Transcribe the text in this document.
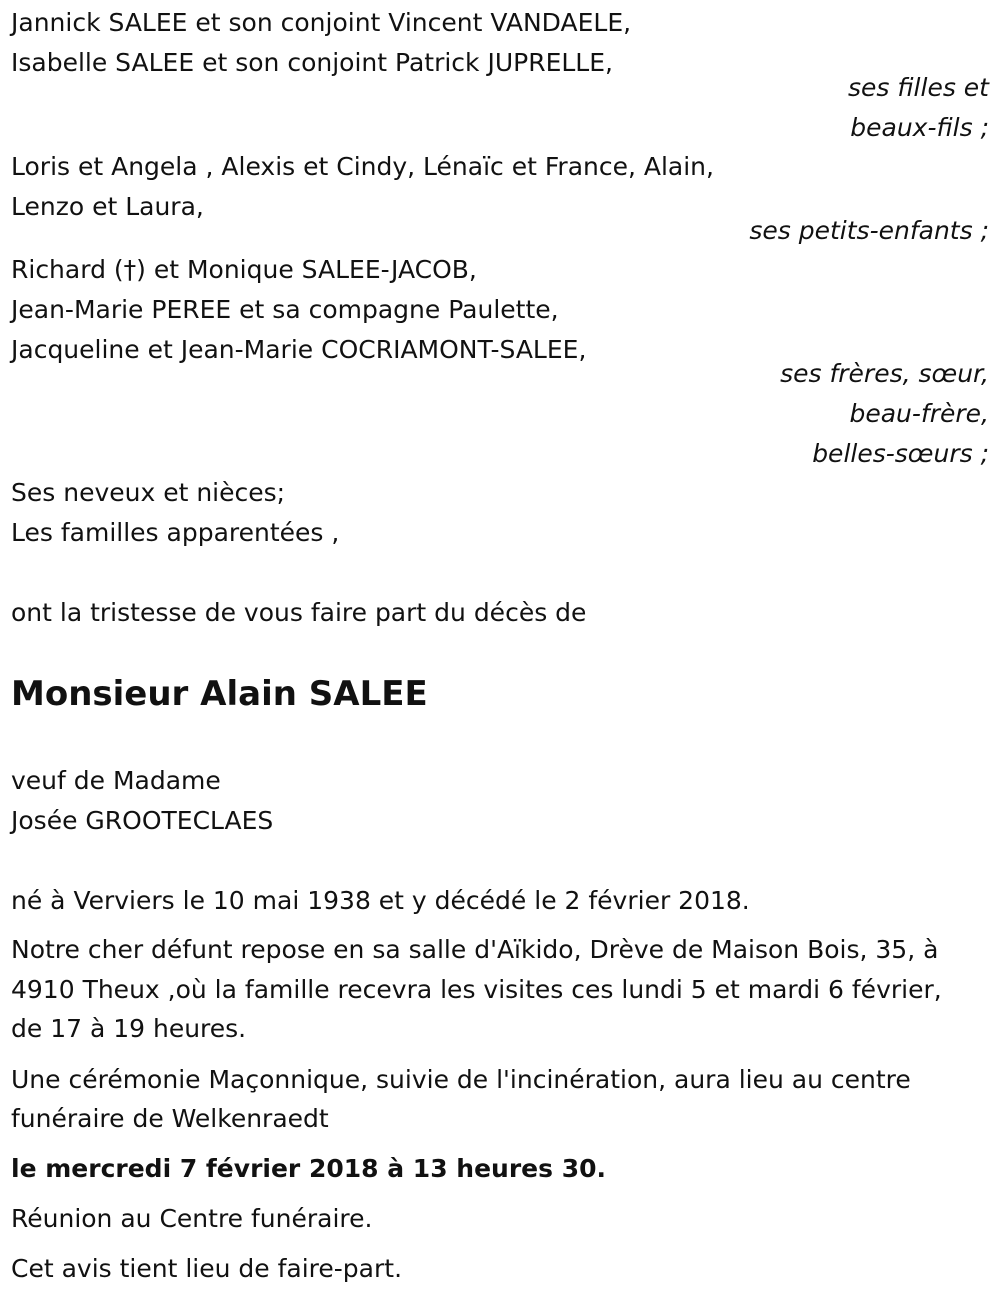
Jannick SALEE et son conjoint Vincent VANDAELE,
Isabelle SALEE et son conjoint Patrick JUPRELLE,
ses filles et
beaux-fils ;
Loris et Angela , Alexis et Cindy, Lénaïc et France, Alain,
Lenzo et Laura,
ses petits-enfants ;
Richard (†) et Monique SALEE-JACOB,
Jean-Marie PEREE et sa compagne Paulette,
Jacqueline et Jean-Marie COCRIAMONT-SALEE,
ses frères, sœur,
beau-frère,
belles-sœurs ;
Ses neveux et nièces;
Les familles apparentées ,
ont la tristesse de vous faire part du décès de
Monsieur Alain SALEE
veuf de Madame
Josée GROOTECLAES
né à Verviers le 10 mai 1938 et y décédé le 2 février 2018.
Notre cher défunt repose en sa salle d'Aïkido, Drève de Maison Bois, 35, à
4910 Theux ,où la famille recevra les visites ces lundi 5 et mardi 6 février,
de 17 à 19 heures.
Une cérémonie Maçonnique, suivie de l'incinération, aura lieu au centre
funéraire de Welkenraedt
le mercredi 7 février 2018 à 13 heures 30.
Réunion au Centre funéraire.
Cet avis tient lieu de faire-part.
